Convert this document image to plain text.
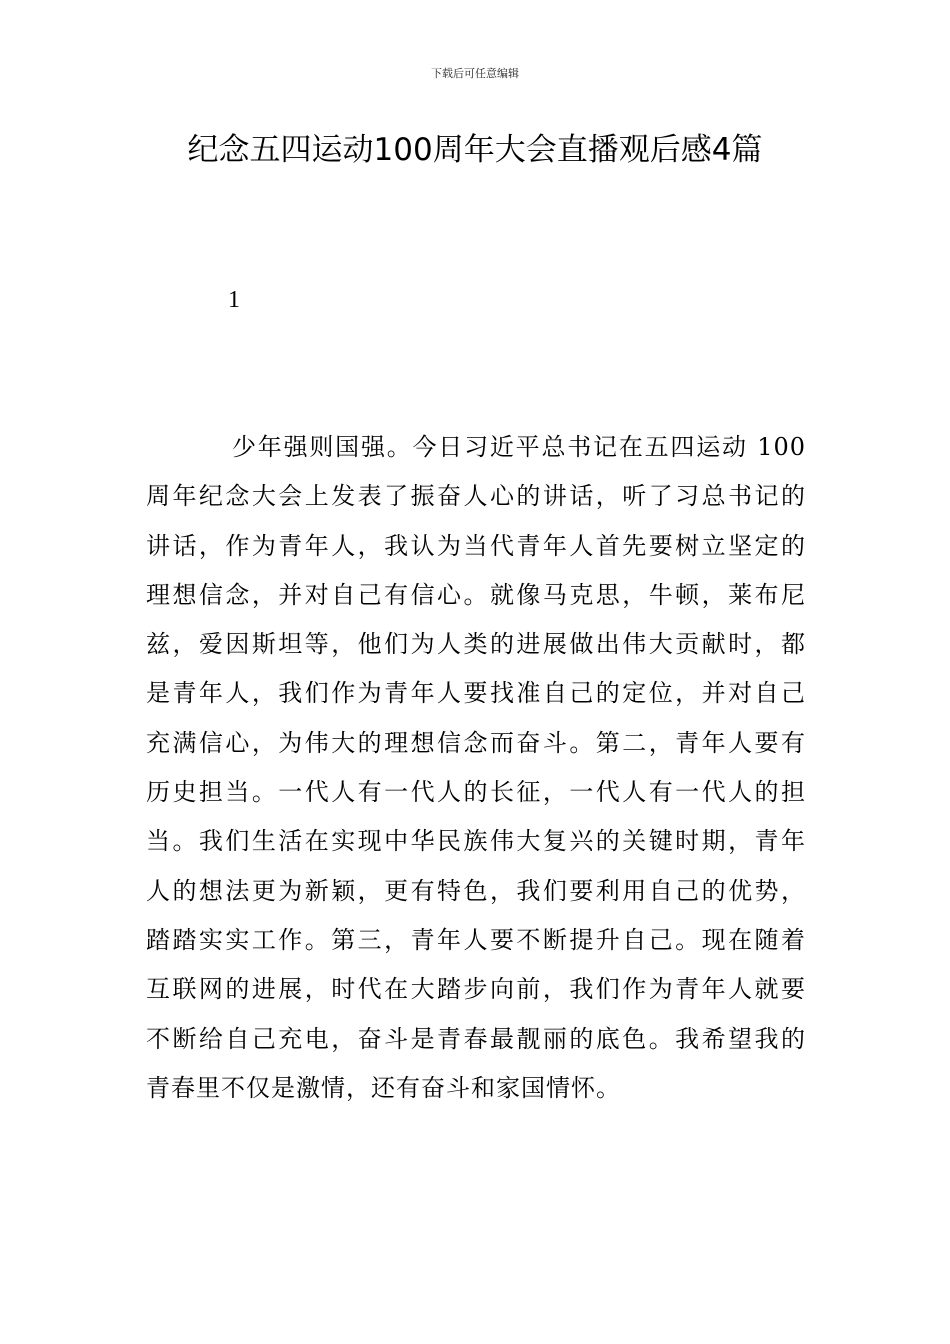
下载后可任意编辑
纪念五四运动100周年大会直播观后感4篇
1
少年强则国强。今日习近平总书记在五四运动 100
周年纪念大会上发表了振奋人心的讲话，听了习总书记的
讲话，作为青年人，我认为当代青年人首先要树立坚定的
理想信念，并对自己有信心。就像马克思，牛顿，莱布尼
兹，爱因斯坦等，他们为人类的进展做出伟大贡献时，都
是青年人，我们作为青年人要找准自己的定位，并对自己
充满信心，为伟大的理想信念而奋斗。第二，青年人要有
历史担当。一代人有一代人的长征，一代人有一代人的担
当。我们生活在实现中华民族伟大复兴的关键时期，青年
人的想法更为新颖，更有特色，我们要利用自己的优势，
踏踏实实工作。第三，青年人要不断提升自己。现在随着
互联网的进展，时代在大踏步向前，我们作为青年人就要
不断给自己充电，奋斗是青春最靓丽的底色。我希望我的
青春里不仅是激情，还有奋斗和家国情怀。
